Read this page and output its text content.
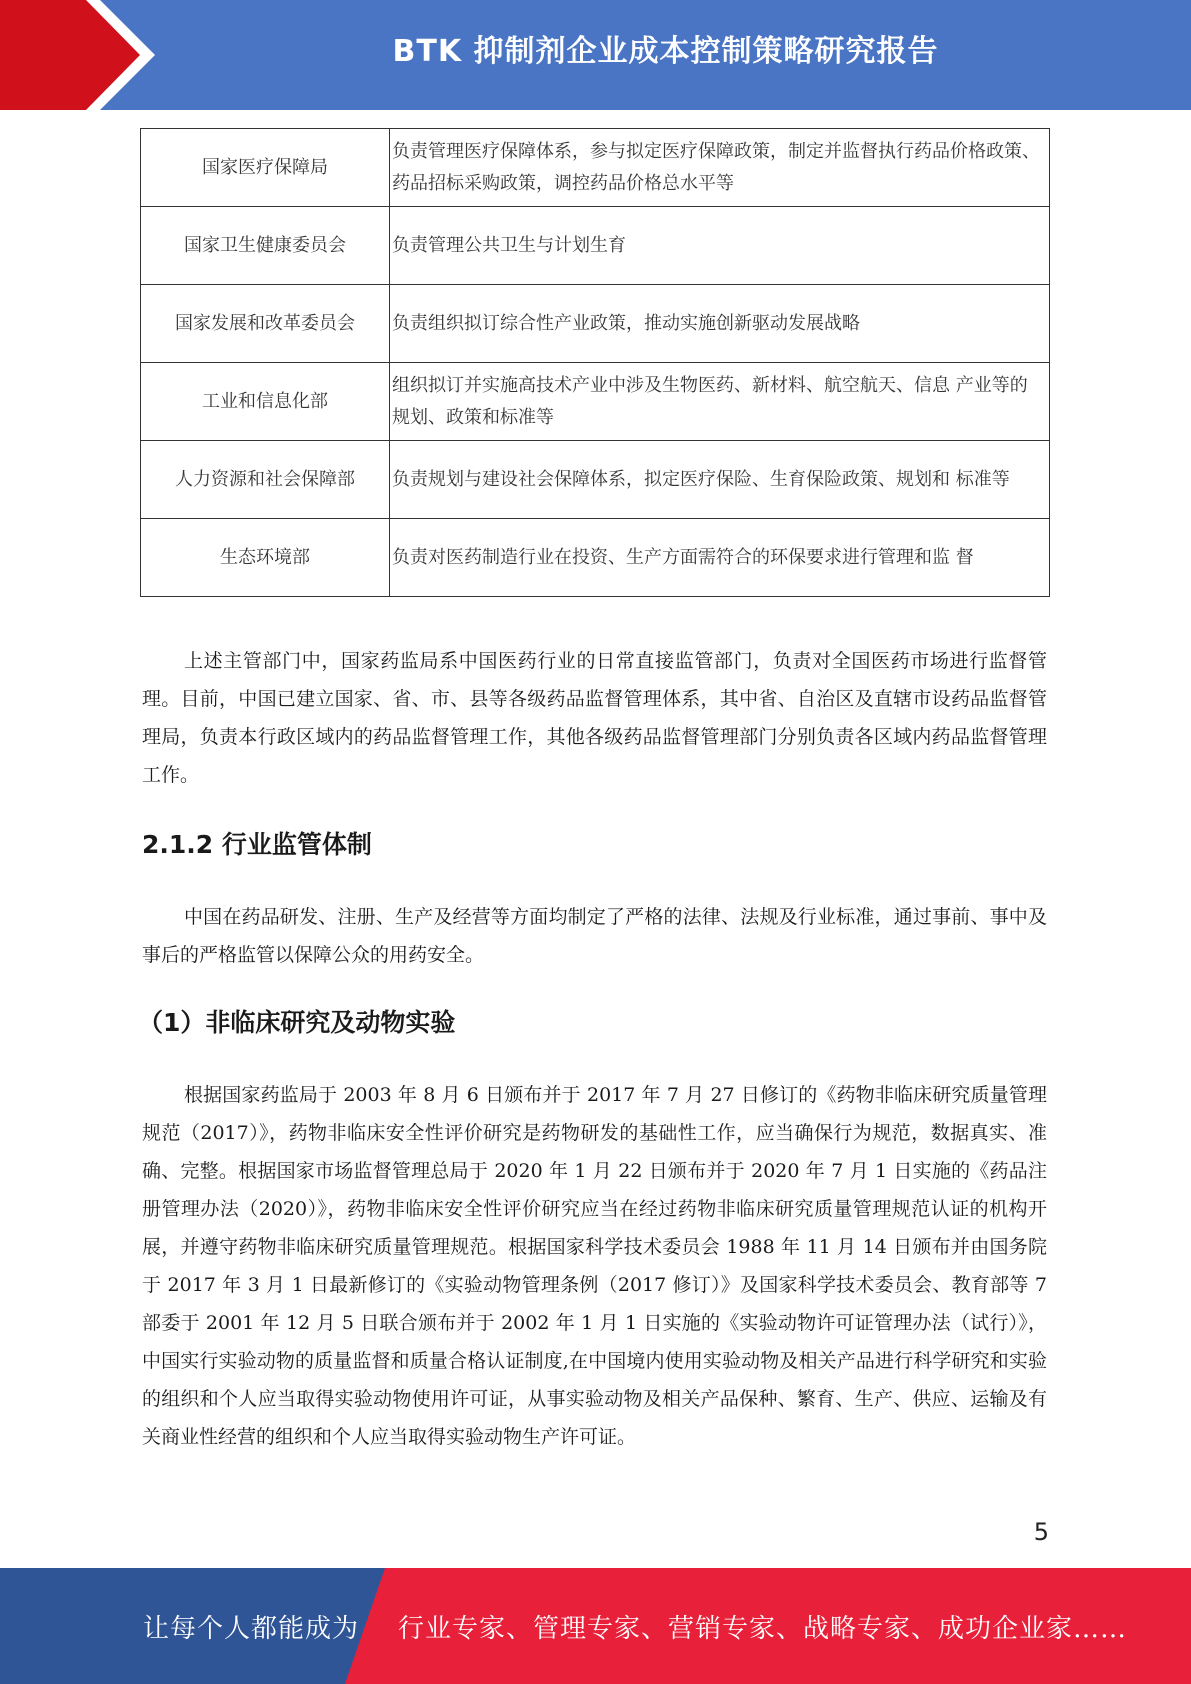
BTK 抑制剂企业成本控制策略研究报告
国家医疗保障局	负责管理医疗保障体系，参与拟定医疗保障政策，制定并监督执行药品价格政策、药品招标采购政策，调控药品价格总水平等
国家卫生健康委员会	负责管理公共卫生与计划生育
国家发展和改革委员会	负责组织拟订综合性产业政策，推动实施创新驱动发展战略
工业和信息化部	组织拟订并实施高技术产业中涉及生物医药、新材料、航空航天、信息 产业等的规划、政策和标准等
人力资源和社会保障部	负责规划与建设社会保障体系，拟定医疗保险、生育保险政策、规划和 标准等
生态环境部	负责对医药制造行业在投资、生产方面需符合的环保要求进行管理和监 督

上述主管部门中，国家药监局系中国医药行业的日常直接监管部门，负责对全国医药市场进行监督管理。目前，中国已建立国家、省、市、县等各级药品监督管理体系，其中省、自治区及直辖市设药品监督管理局，负责本行政区域内的药品监督管理工作，其他各级药品监督管理部门分别负责各区域内药品监督管理工作。

2.1.2 行业监管体制

中国在药品研发、注册、生产及经营等方面均制定了严格的法律、法规及行业标准，通过事前、事中及事后的严格监管以保障公众的用药安全。

（1）非临床研究及动物实验

根据国家药监局于 2003 年 8 月 6 日颁布并于 2017 年 7 月 27 日修订的《药物非临床研究质量管理规范（2017）》，药物非临床安全性评价研究是药物研发的基础性工作，应当确保行为规范，数据真实、准确、完整。根据国家市场监督管理总局于 2020 年 1 月 22 日颁布并于 2020 年 7 月 1 日实施的《药品注册管理办法（2020）》，药物非临床安全性评价研究应当在经过药物非临床研究质量管理规范认证的机构开展，并遵守药物非临床研究质量管理规范。根据国家科学技术委员会 1988 年 11 月 14 日颁布并由国务院于 2017 年 3 月 1 日最新修订的《实验动物管理条例（2017 修订）》及国家科学技术委员会、教育部等 7 部委于 2001 年 12 月 5 日联合颁布并于 2002 年 1 月 1 日实施的《实验动物许可证管理办法（试行）》，中国实行实验动物的质量监督和质量合格认证制度,在中国境内使用实验动物及相关产品进行科学研究和实验的组织和个人应当取得实验动物使用许可证，从事实验动物及相关产品保种、繁育、生产、供应、运输及有关商业性经营的组织和个人应当取得实验动物生产许可证。

5
让每个人都能成为 行业专家、管理专家、营销专家、战略专家、成功企业家……
